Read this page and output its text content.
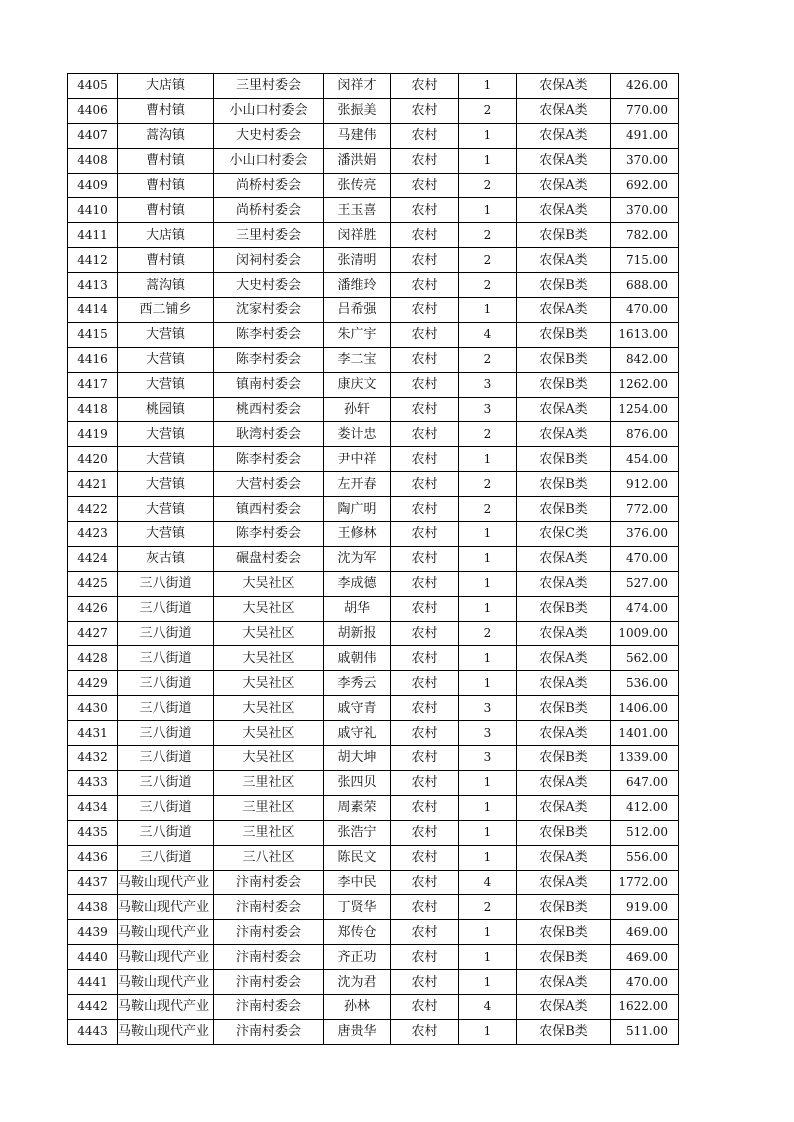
4405	大店镇	三里村委会	闵祥才	农村	1	农保A类	426.00
4406	曹村镇	小山口村委会	张振美	农村	2	农保A类	770.00
4407	蒿沟镇	大史村委会	马建伟	农村	1	农保A类	491.00
4408	曹村镇	小山口村委会	潘洪娟	农村	1	农保A类	370.00
4409	曹村镇	尚桥村委会	张传亮	农村	2	农保A类	692.00
4410	曹村镇	尚桥村委会	王玉喜	农村	1	农保A类	370.00
4411	大店镇	三里村委会	闵祥胜	农村	2	农保B类	782.00
4412	曹村镇	闵祠村委会	张清明	农村	2	农保A类	715.00
4413	蒿沟镇	大史村委会	潘维玲	农村	2	农保B类	688.00
4414	西二铺乡	沈家村委会	吕希强	农村	1	农保A类	470.00
4415	大营镇	陈李村委会	朱广宇	农村	4	农保B类	1613.00
4416	大营镇	陈李村委会	李二宝	农村	2	农保B类	842.00
4417	大营镇	镇南村委会	康庆文	农村	3	农保B类	1262.00
4418	桃园镇	桃西村委会	孙轩	农村	3	农保A类	1254.00
4419	大营镇	耿湾村委会	娄计忠	农村	2	农保A类	876.00
4420	大营镇	陈李村委会	尹中祥	农村	1	农保B类	454.00
4421	大营镇	大营村委会	左开春	农村	2	农保B类	912.00
4422	大营镇	镇西村委会	陶广明	农村	2	农保B类	772.00
4423	大营镇	陈李村委会	王修林	农村	1	农保C类	376.00
4424	灰古镇	碾盘村委会	沈为军	农村	1	农保A类	470.00
4425	三八街道	大吴社区	李成德	农村	1	农保A类	527.00
4426	三八街道	大吴社区	胡华	农村	1	农保B类	474.00
4427	三八街道	大吴社区	胡新报	农村	2	农保A类	1009.00
4428	三八街道	大吴社区	戚朝伟	农村	1	农保A类	562.00
4429	三八街道	大吴社区	李秀云	农村	1	农保A类	536.00
4430	三八街道	大吴社区	戚守青	农村	3	农保B类	1406.00
4431	三八街道	大吴社区	戚守礼	农村	3	农保A类	1401.00
4432	三八街道	大吴社区	胡大坤	农村	3	农保B类	1339.00
4433	三八街道	三里社区	张四贝	农村	1	农保A类	647.00
4434	三八街道	三里社区	周素荣	农村	1	农保A类	412.00
4435	三八街道	三里社区	张浩宁	农村	1	农保B类	512.00
4436	三八街道	三八社区	陈民文	农村	1	农保A类	556.00
4437	马鞍山现代产业	汴南村委会	李中民	农村	4	农保A类	1772.00
4438	马鞍山现代产业	汴南村委会	丁贤华	农村	2	农保B类	919.00
4439	马鞍山现代产业	汴南村委会	郑传仓	农村	1	农保B类	469.00
4440	马鞍山现代产业	汴南村委会	齐正功	农村	1	农保B类	469.00
4441	马鞍山现代产业	汴南村委会	沈为君	农村	1	农保A类	470.00
4442	马鞍山现代产业	汴南村委会	孙林	农村	4	农保A类	1622.00
4443	马鞍山现代产业	汴南村委会	唐贵华	农村	1	农保B类	511.00
